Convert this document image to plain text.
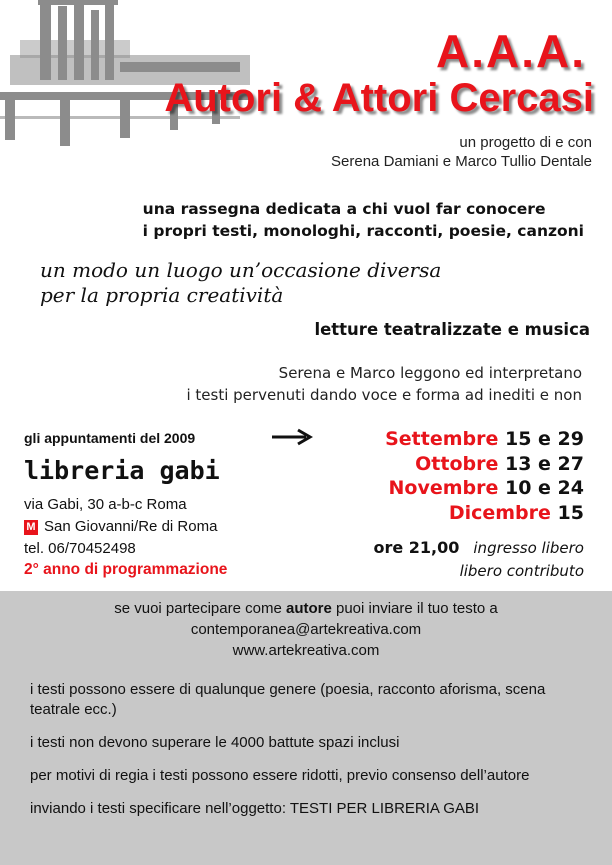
A.A.A.
Autori & Attori Cercasi
un progetto di e con
Serena Damiani e Marco Tullio Dentale
una rassegna dedicata a chi vuol far conocere
i propri testi, monologhi, racconti, poesie, canzoni
un modo un luogo un’occasione diversa
per la propria creatività
letture teatralizzate e musica
Serena e Marco leggono ed interpretano
i testi pervenuti dando voce e forma ad inediti e non
gli appuntamenti del 2009
libreria gabi
via Gabi, 30 a-b-c Roma
M San Giovanni/Re di Roma
tel. 06/70452498
2° anno di programmazione
Settembre 15 e 29
Ottobre 13 e 27
Novembre 10 e 24
Dicembre 15
ore 21,00 ingresso libero
libero contributo
se vuoi partecipare come autore puoi inviare il tuo testo a
contemporanea@artekreativa.com
www.artekreativa.com

i testi possono essere di qualunque genere (poesia, racconto aforisma, scena teatrale ecc.)

i testi non devono superare le 4000 battute spazi inclusi

per motivi di regia i testi possono essere ridotti, previo consenso dell’autore

inviando i testi specificare nell’oggetto: TESTI PER LIBRERIA GABI
